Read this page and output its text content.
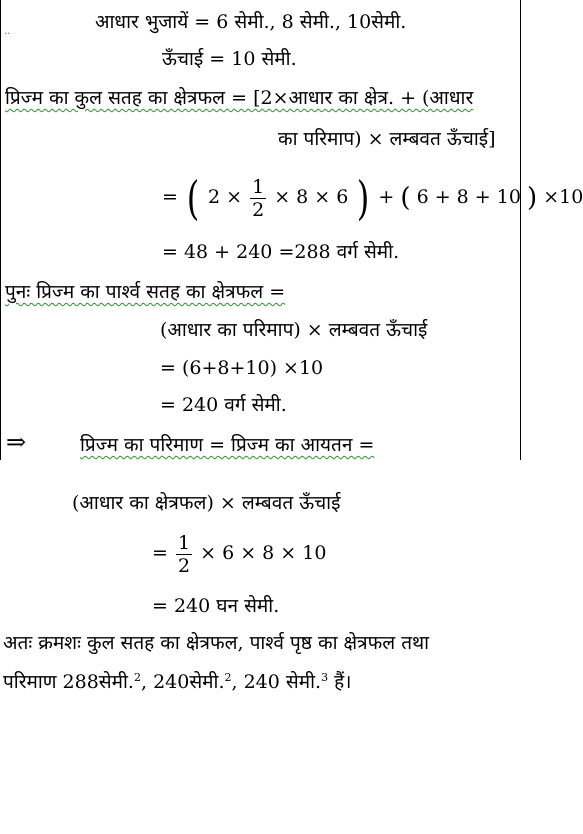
..	आधार भुजायें = 6 सेमी., 8 सेमी., 10सेमी.
ऊँचाई = 10 सेमी.
प्रिज्म का कुल सतह का क्षेत्रफल = [2×आधार का क्षेत्र. + (आधार
का परिमाप) × लम्बवत ऊँचाई]
= ( $2 \times \frac{1}{2} \times 8 \times 6$ ) + ( 6 + 8 + 10 ) ×10
= 48 + 240 =288 वर्ग सेमी.
पुनः प्रिज्म का पार्श्व सतह का क्षेत्रफल =
(आधार का परिमाप) × लम्बवत ऊँचाई
= (6+8+10) ×10
= 240 वर्ग सेमी.
⇒	प्रिज्म का परिमाण = प्रिज्म का आयतन =
(आधार का क्षेत्रफल) × लम्बवत ऊँचाई
= $\frac{1}{2} \times 6 \times 8 \times 10$
= 240 घन सेमी.
अतः क्रमशः कुल सतह का क्षेत्रफल, पार्श्व पृष्ठ का क्षेत्रफल तथा
परिमाण 288सेमी.$^2$, 240सेमी.$^2$, 240 सेमी.$^3$ हैं।
